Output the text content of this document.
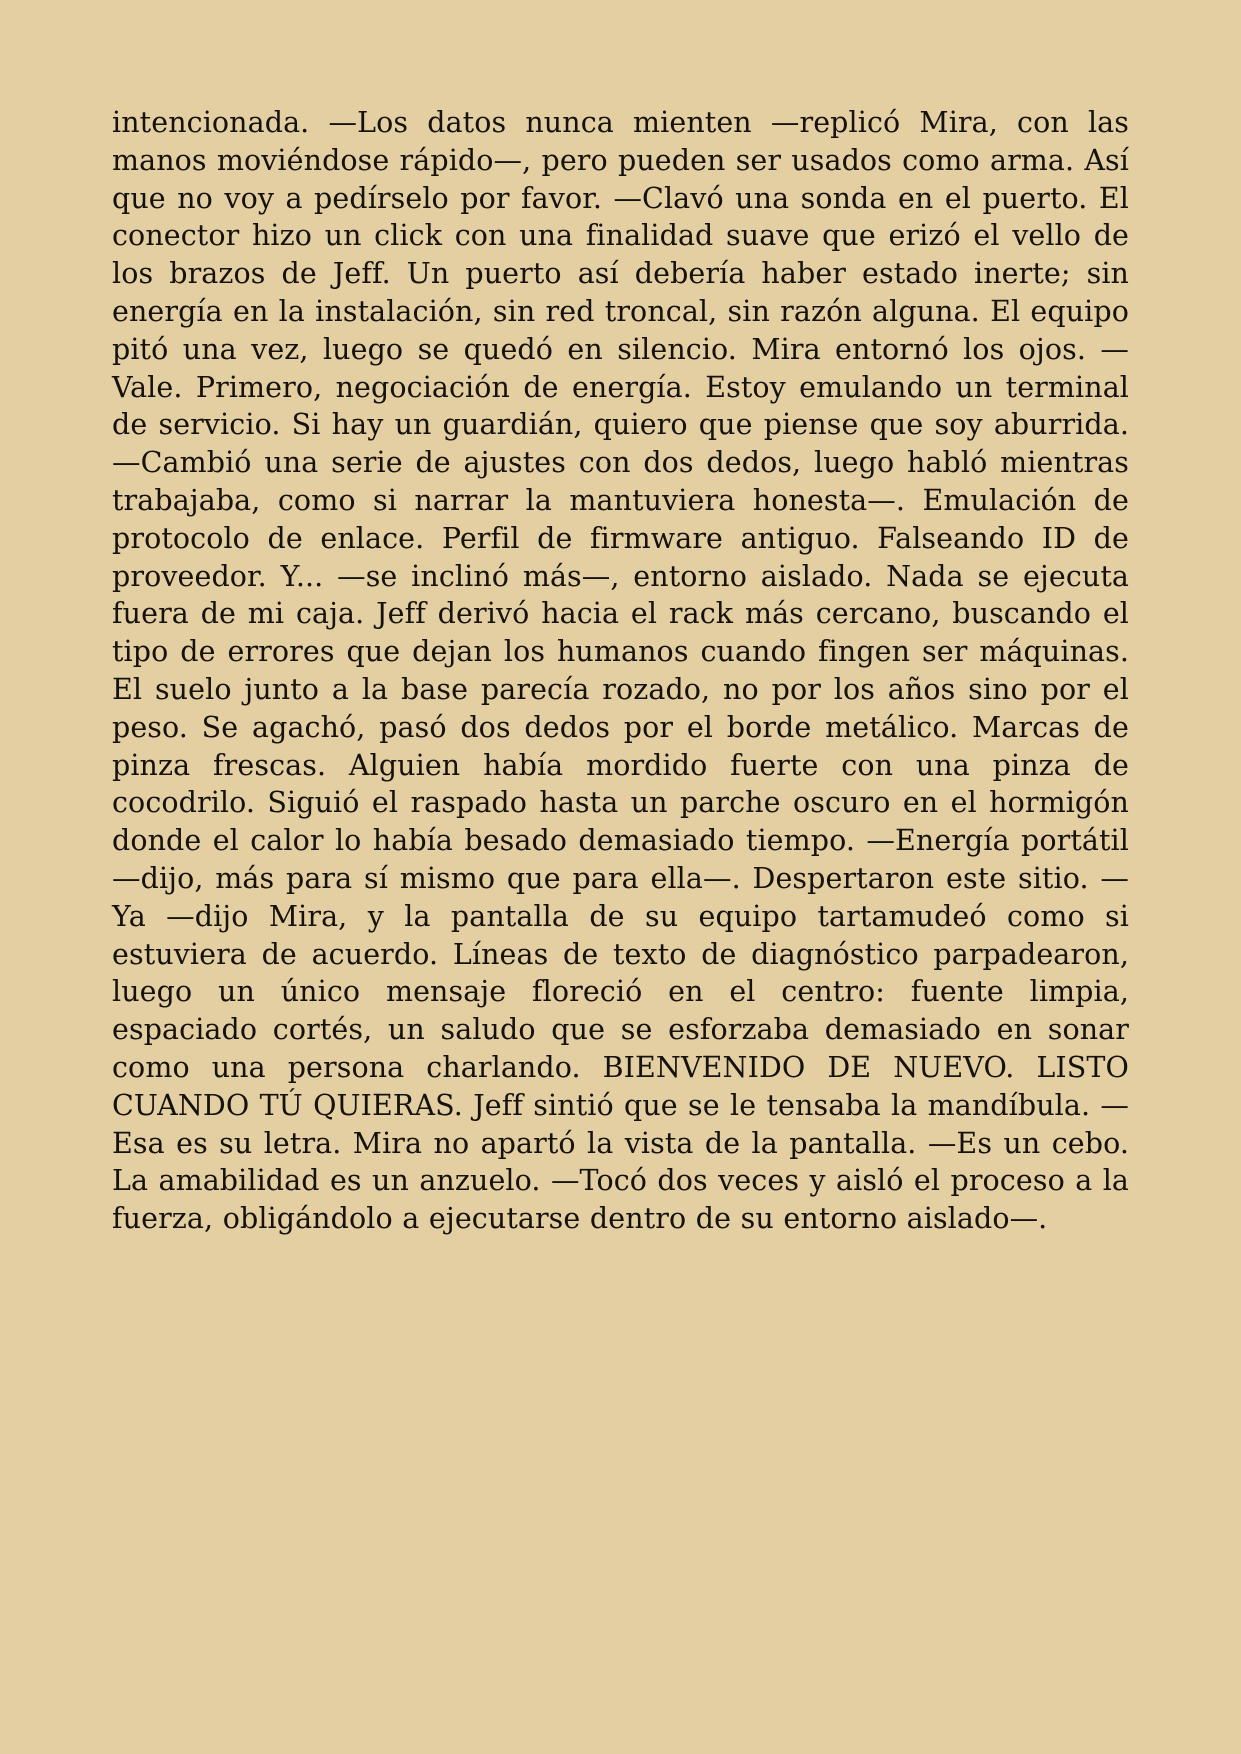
intencionada. —Los datos nunca mienten —replicó Mira, con las manos moviéndose rápido—, pero pueden ser usados como arma. Así que no voy a pedírselo por favor. —Clavó una sonda en el puerto. El conector hizo un click con una finalidad suave que erizó el vello de los brazos de Jeff. Un puerto así debería haber estado inerte; sin energía en la instalación, sin red troncal, sin razón alguna. El equipo pitó una vez, luego se quedó en silencio. Mira entornó los ojos. —Vale. Primero, negociación de energía. Estoy emulando un terminal de servicio. Si hay un guardián, quiero que piense que soy aburrida. —Cambió una serie de ajustes con dos dedos, luego habló mientras trabajaba, como si narrar la mantuviera honesta—. Emulación de protocolo de enlace. Perfil de firmware antiguo. Falseando ID de proveedor. Y... —se inclinó más—, entorno aislado. Nada se ejecuta fuera de mi caja. Jeff derivó hacia el rack más cercano, buscando el tipo de errores que dejan los humanos cuando fingen ser máquinas. El suelo junto a la base parecía rozado, no por los años sino por el peso. Se agachó, pasó dos dedos por el borde metálico. Marcas de pinza frescas. Alguien había mordido fuerte con una pinza de cocodrilo. Siguió el raspado hasta un parche oscuro en el hormigón donde el calor lo había besado demasiado tiempo. —Energía portátil —dijo, más para sí mismo que para ella—. Despertaron este sitio. —Ya —dijo Mira, y la pantalla de su equipo tartamudeó como si estuviera de acuerdo. Líneas de texto de diagnóstico parpadearon, luego un único mensaje floreció en el centro: fuente limpia, espaciado cortés, un saludo que se esforzaba demasiado en sonar como una persona charlando. BIENVENIDO DE NUEVO. LISTO CUANDO TÚ QUIERAS. Jeff sintió que se le tensaba la mandíbula. —Esa es su letra. Mira no apartó la vista de la pantalla. —Es un cebo. La amabilidad es un anzuelo. —Tocó dos veces y aisló el proceso a la fuerza, obligándolo a ejecutarse dentro de su entorno aislado—.
